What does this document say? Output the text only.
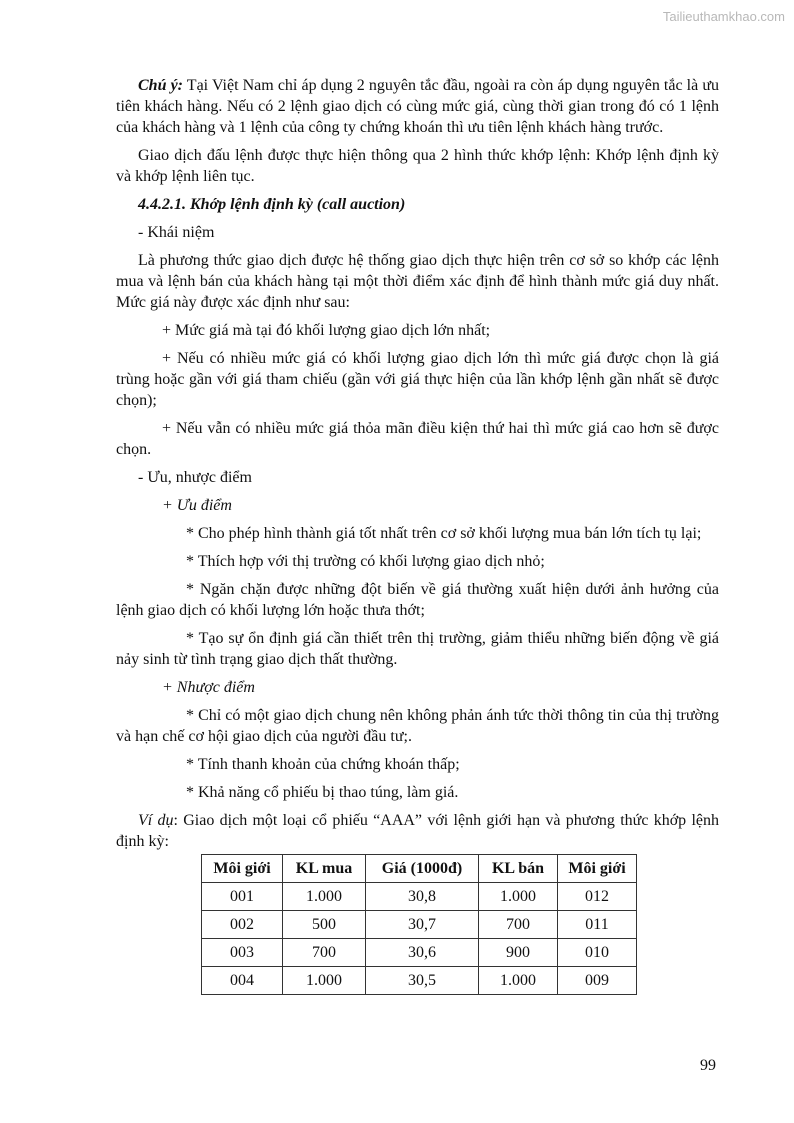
Tailieuthamkhao.com

Chú ý: Tại Việt Nam chỉ áp dụng 2 nguyên tắc đầu, ngoài ra còn áp dụng nguyên tắc là ưu tiên khách hàng. Nếu có 2 lệnh giao dịch có cùng mức giá, cùng thời gian trong đó có 1 lệnh của khách hàng và 1 lệnh của công ty chứng khoán thì ưu tiên lệnh khách hàng trước.

Giao dịch đấu lệnh được thực hiện thông qua 2 hình thức khớp lệnh: Khớp lệnh định kỳ và khớp lệnh liên tục.

4.4.2.1. Khớp lệnh định kỳ (call auction)

- Khái niệm

Là phương thức giao dịch được hệ thống giao dịch thực hiện trên cơ sở so khớp các lệnh mua và lệnh bán của khách hàng tại một thời điểm xác định để hình thành mức giá duy nhất. Mức giá này được xác định như sau:

+ Mức giá mà tại đó khối lượng giao dịch lớn nhất;

+ Nếu có nhiều mức giá có khối lượng giao dịch lớn thì mức giá được chọn là giá trùng hoặc gần với giá tham chiếu (gần với giá thực hiện của lần khớp lệnh gần nhất sẽ được chọn);

+ Nếu vẫn có nhiều mức giá thỏa mãn điều kiện thứ hai thì mức giá cao hơn sẽ được chọn.

- Ưu, nhược điểm

+ Ưu điểm

* Cho phép hình thành giá tốt nhất trên cơ sở khối lượng mua bán lớn tích tụ lại;

* Thích hợp với thị trường có khối lượng giao dịch nhỏ;

* Ngăn chặn được những đột biến về giá thường xuất hiện dưới ảnh hưởng của lệnh giao dịch có khối lượng lớn hoặc thưa thớt;

* Tạo sự ổn định giá cần thiết trên thị trường, giảm thiểu những biến động về giá nảy sinh từ tình trạng giao dịch thất thường.

+ Nhược điểm

* Chỉ có một giao dịch chung nên không phản ánh tức thời thông tin của thị trường và hạn chế cơ hội giao dịch của người đầu tư;.

* Tính thanh khoản của chứng khoán thấp;

* Khả năng cổ phiếu bị thao túng, làm giá.

Ví dụ: Giao dịch một loại cổ phiếu “AAA” với lệnh giới hạn và phương thức khớp lệnh định kỳ:

Môi giới	KL mua	Giá (1000đ)	KL bán	Môi giới
001	1.000	30,8	1.000	012
002	500	30,7	700	011
003	700	30,6	900	010
004	1.000	30,5	1.000	009
99
